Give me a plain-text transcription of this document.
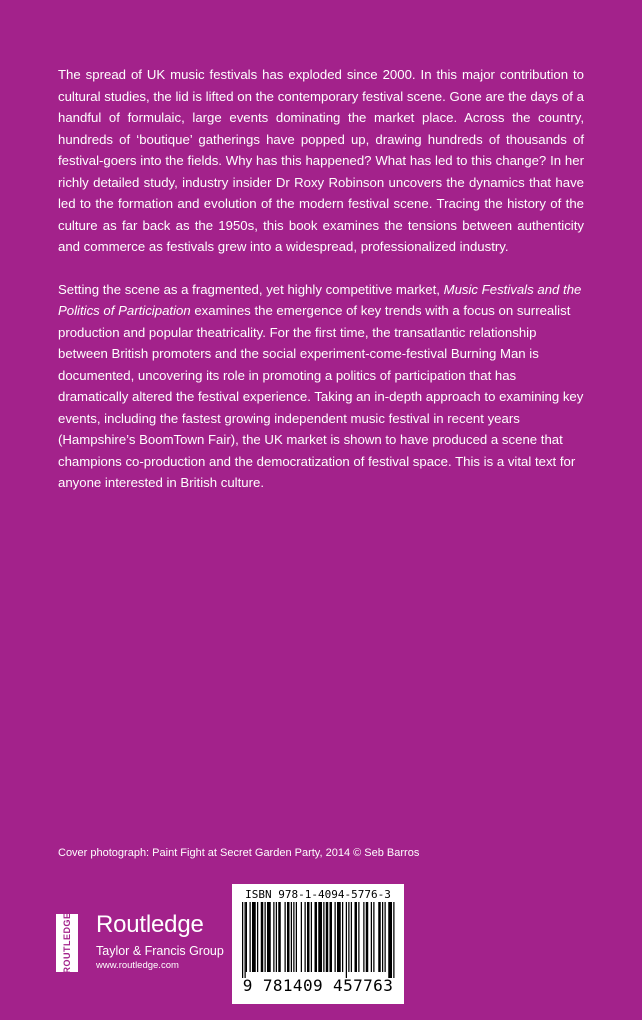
The spread of UK music festivals has exploded since 2000. In this major contribution to cultural studies, the lid is lifted on the contemporary festival scene. Gone are the days of a handful of formulaic, large events dominating the market place. Across the country, hundreds of ‘boutique’ gatherings have popped up, drawing hundreds of thousands of festival-goers into the fields. Why has this happened? What has led to this change? In her richly detailed study, industry insider Dr Roxy Robinson uncovers the dynamics that have led to the formation and evolution of the modern festival scene. Tracing the history of the culture as far back as the 1950s, this book examines the tensions between authenticity and commerce as festivals grew into a widespread, professionalized industry.

Setting the scene as a fragmented, yet highly competitive market, Music Festivals and the Politics of Participation examines the emergence of key trends with a focus on surrealist production and popular theatricality. For the first time, the transatlantic relationship between British promoters and the social experiment-come-festival Burning Man is documented, uncovering its role in promoting a politics of participation that has dramatically altered the festival experience. Taking an in-depth approach to examining key events, including the fastest growing independent music festival in recent years (Hampshire’s BoomTown Fair), the UK market is shown to have produced a scene that champions co-production and the democratization of festival space. This is a vital text for anyone interested in British culture.

Cover photograph: Paint Fight at Secret Garden Party, 2014 © Seb Barros
ROUTLEDGE Routledge
Taylor & Francis Group
www.routledge.com
ISBN 978-1-4094-5776-3
9 781409 457763
